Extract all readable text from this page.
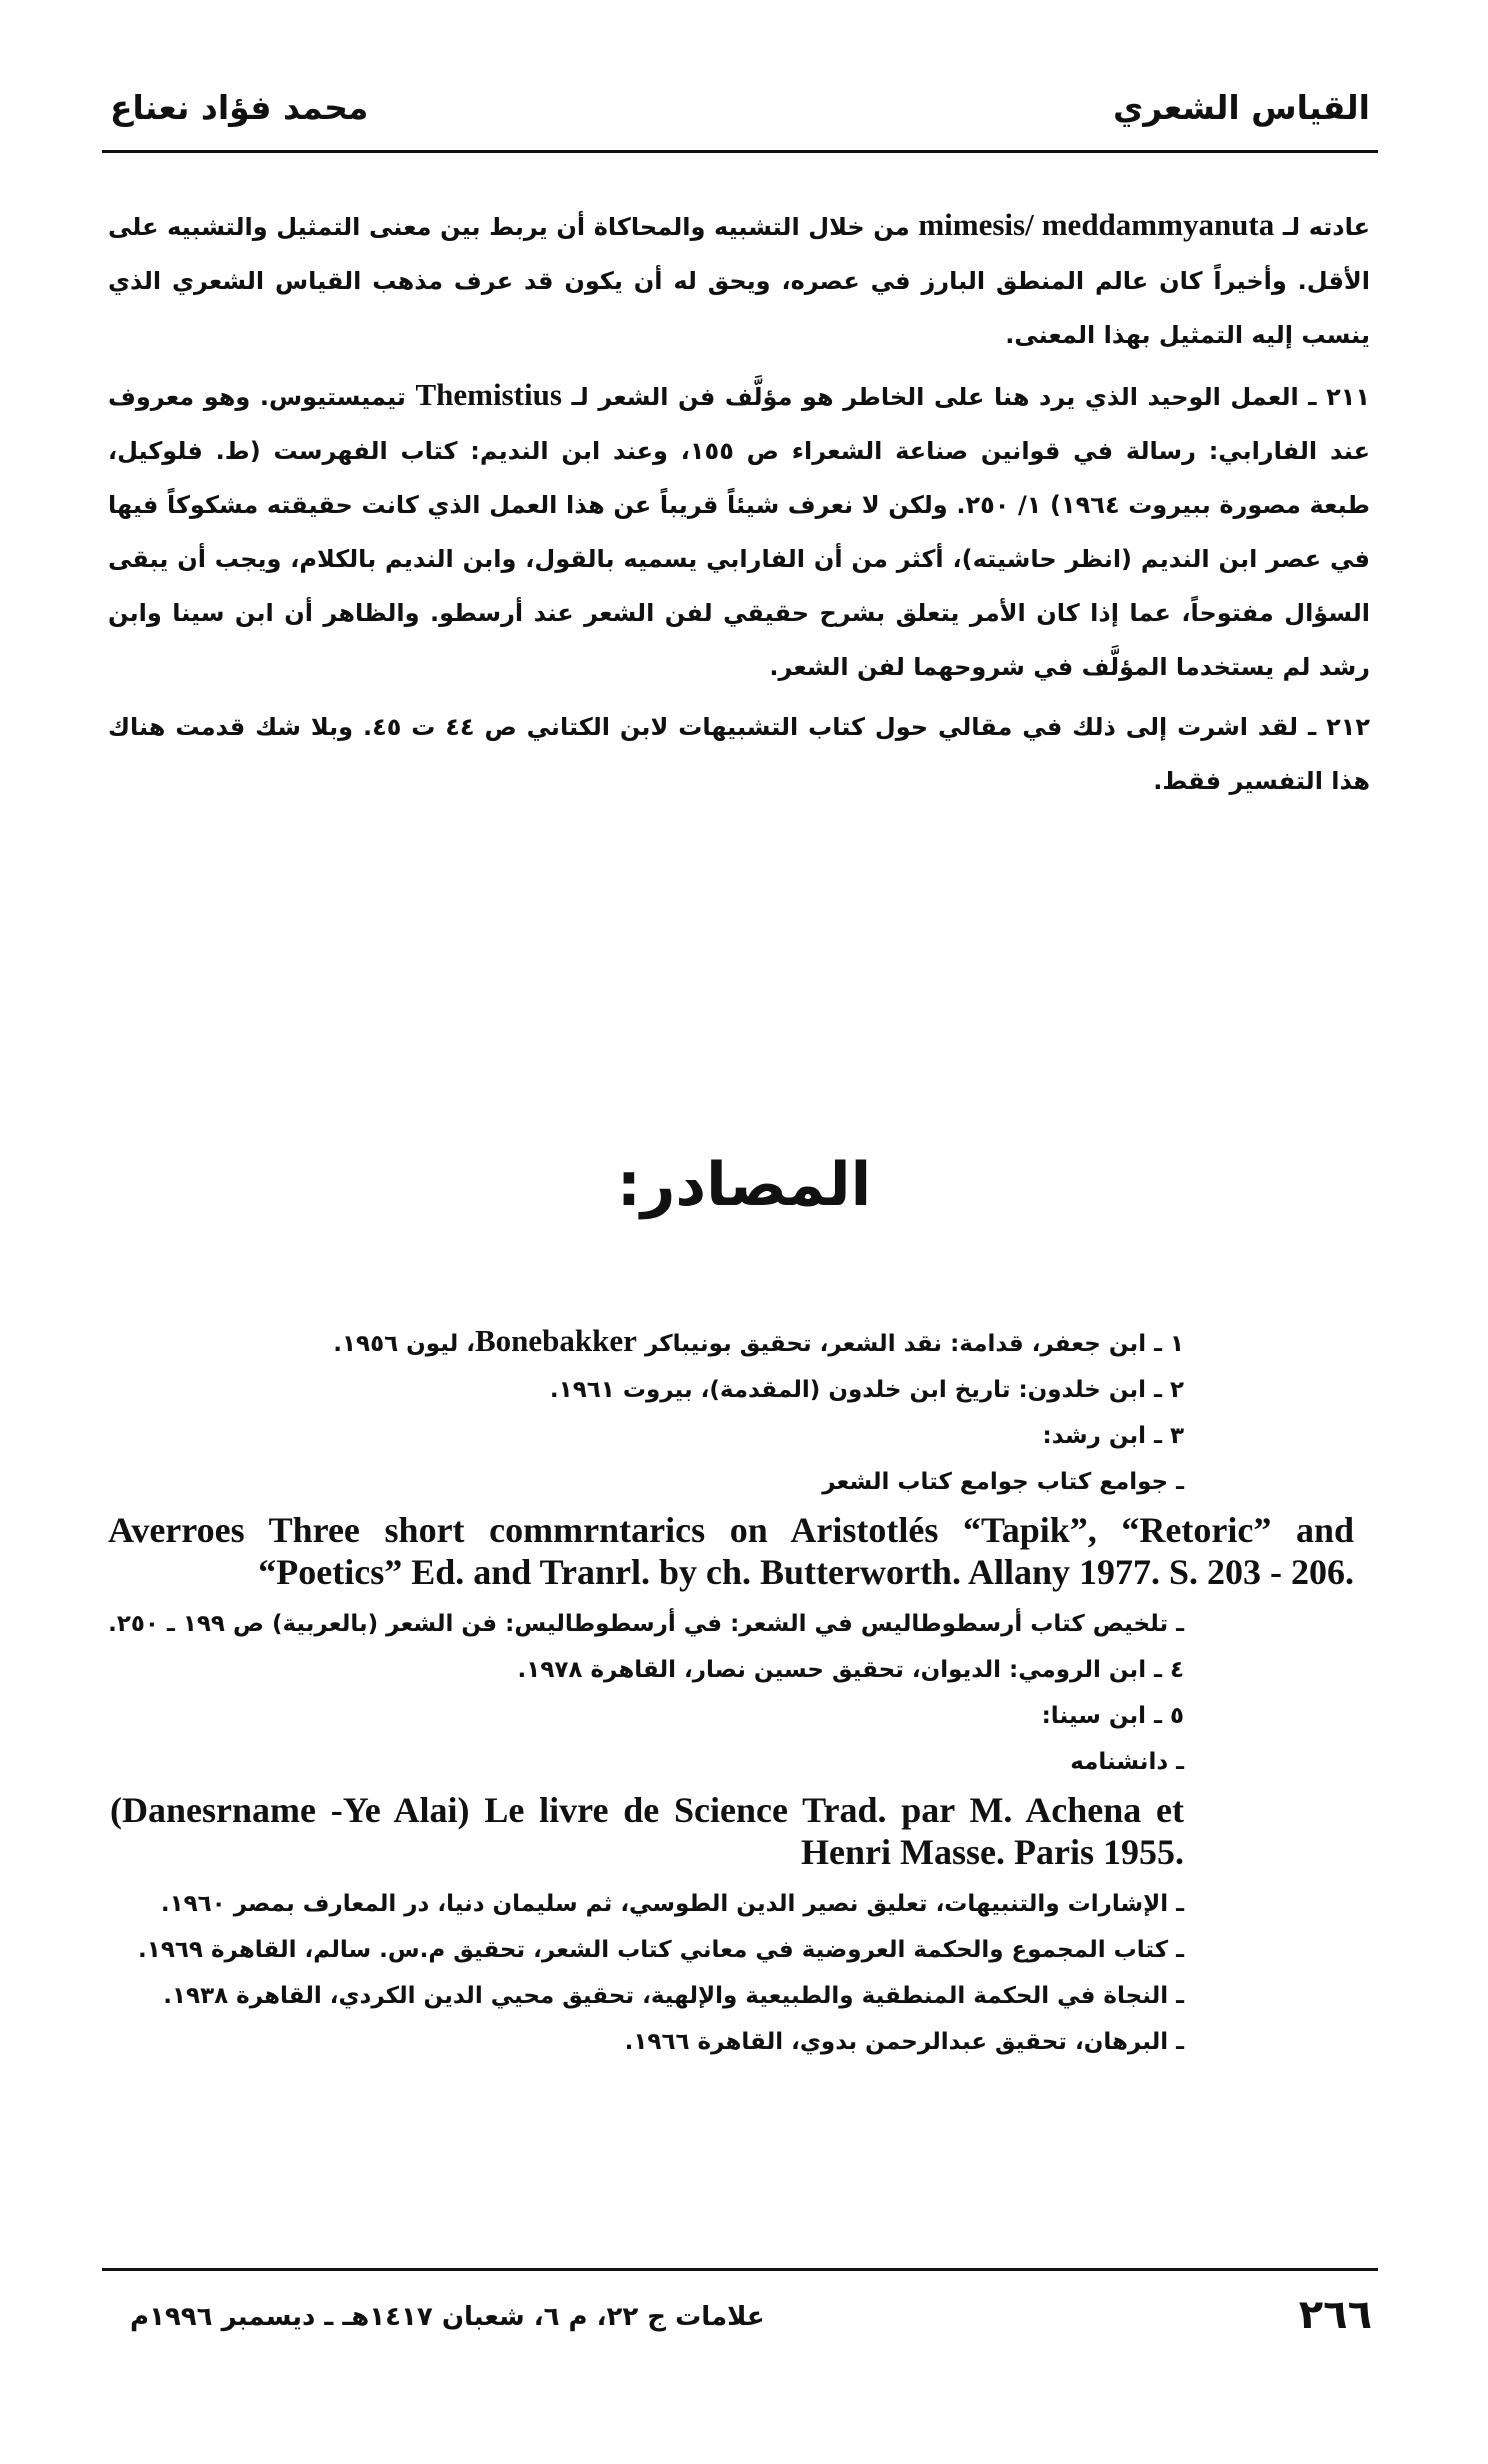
القياس الشعري
محمد فؤاد نعناع

عادته لـ mimesis/ meddammyanuta من خلال التشبيه والمحاكاة أن يربط بين معنى التمثيل والتشبيه على الأقل. وأخيراً كان عالم المنطق البارز في عصره، ويحق له أن يكون قد عرف مذهب القياس الشعري الذي ينسب إليه التمثيل بهذا المعنى.

٢١١ ـ العمل الوحيد الذي يرد هنا على الخاطر هو مؤلَّف فن الشعر لـ Themistius تيميستيوس. وهو معروف عند الفارابي: رسالة في قوانين صناعة الشعراء ص ١٥٥، وعند ابن النديم: كتاب الفهرست (ط. فلوكيل، طبعة مصورة ببيروت ١٩٦٤) ١/ ٢٥٠. ولكن لا نعرف شيئاً قريباً عن هذا العمل الذي كانت حقيقته مشكوكاً فيها في عصر ابن النديم (انظر حاشيته)، أكثر من أن الفارابي يسميه بالقول، وابن النديم بالكلام، ويجب أن يبقى السؤال مفتوحاً، عما إذا كان الأمر يتعلق بشرح حقيقي لفن الشعر عند أرسطو. والظاهر أن ابن سينا وابن رشد لم يستخدما المؤلَّف في شروحهما لفن الشعر.

٢١٢ ـ لقد اشرت إلى ذلك في مقالي حول كتاب التشبيهات لابن الكتاني ص ٤٤ ت ٤٥. وبلا شك قدمت هناك هذا التفسير فقط.

المصادر:
١ ـ ابن جعفر، قدامة: نقد الشعر، تحقيق بونيباكر Bonebakker، ليون ١٩٥٦.
٢ ـ ابن خلدون: تاريخ ابن خلدون (المقدمة)، بيروت ١٩٦١.
٣ ـ ابن رشد:
ـ جوامع كتاب جوامع كتاب الشعر
Averroes Three short commrntarics on Aristotlés “Tapik”, “Retoric” and “Poetics” Ed. and Tranrl. by ch. Butterworth. Allany 1977. S. 203 - 206.
ـ تلخيص كتاب أرسطوطاليس في الشعر: في أرسطوطاليس: فن الشعر (بالعربية) ص ١٩٩ ـ ٢٥٠.
٤ ـ ابن الرومي: الديوان، تحقيق حسين نصار، القاهرة ١٩٧٨.
٥ ـ ابن سينا:
ـ دانشنامه
(Danesrname -Ye Alai) Le livre de Science Trad. par M. Achena et Henri Masse. Paris 1955.
ـ الإشارات والتنبيهات، تعليق نصير الدين الطوسي، ثم سليمان دنيا، در المعارف بمصر ١٩٦٠.
ـ كتاب المجموع والحكمة العروضية في معاني كتاب الشعر، تحقيق م.س. سالم، القاهرة ١٩٦٩.
ـ النجاة في الحكمة المنطقية والطبيعية والإلهية، تحقيق محيي الدين الكردي، القاهرة ١٩٣٨.
ـ البرهان، تحقيق عبدالرحمن بدوي، القاهرة ١٩٦٦.
٢٦٦
علامات ج ٢٢، م ٦، شعبان ١٤١٧هـ ـ ديسمبر ١٩٩٦م
